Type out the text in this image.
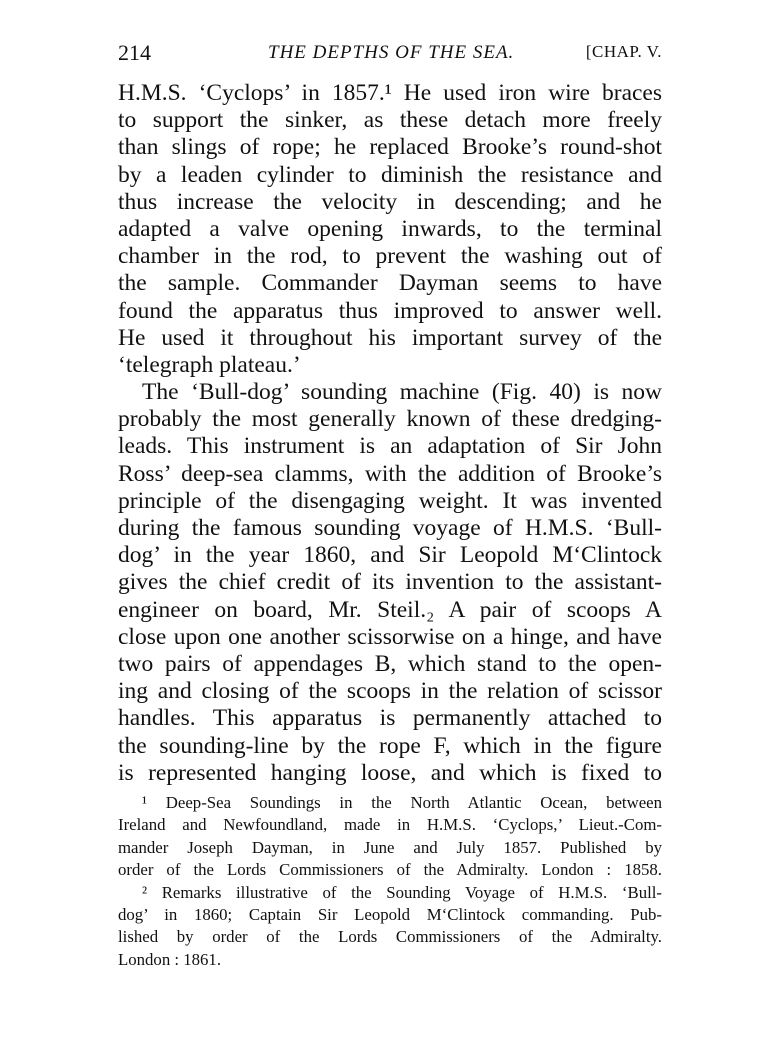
214	THE DEPTHS OF THE SEA.	[CHAP. V.
H.M.S. ‘Cyclops’ in 1857.¹ He used iron wire braces
to support the sinker, as these detach more freely
than slings of rope; he replaced Brooke’s round-shot
by a leaden cylinder to diminish the resistance and
thus increase the velocity in descending; and he
adapted a valve opening inwards, to the terminal
chamber in the rod, to prevent the washing out of
the sample. Commander Dayman seems to have
found the apparatus thus improved to answer well.
He used it throughout his important survey of the
‘telegraph plateau.’
The ‘Bull-dog’ sounding machine (Fig. 40) is now
probably the most generally known of these dredging-
leads. This instrument is an adaptation of Sir John
Ross’ deep-sea clamms, with the addition of Brooke’s
principle of the disengaging weight. It was invented
during the famous sounding voyage of H.M.S. ‘Bull-
dog’ in the year 1860, and Sir Leopold M‘Clintock
gives the chief credit of its invention to the assistant-
engineer on board, Mr. Steil.₂ A pair of scoops A
close upon one another scissorwise on a hinge, and have
two pairs of appendages B, which stand to the open-
ing and closing of the scoops in the relation of scissor
handles. This apparatus is permanently attached to
the sounding-line by the rope F, which in the figure
is represented hanging loose, and which is fixed to
¹ Deep-Sea Soundings in the North Atlantic Ocean, between
Ireland and Newfoundland, made in H.M.S. ‘Cyclops,’ Lieut.-Com-
mander Joseph Dayman, in June and July 1857. Published by
order of the Lords Commissioners of the Admiralty. London : 1858.
² Remarks illustrative of the Sounding Voyage of H.M.S. ‘Bull-
dog’ in 1860; Captain Sir Leopold M‘Clintock commanding. Pub-
lished by order of the Lords Commissioners of the Admiralty.
London : 1861.
